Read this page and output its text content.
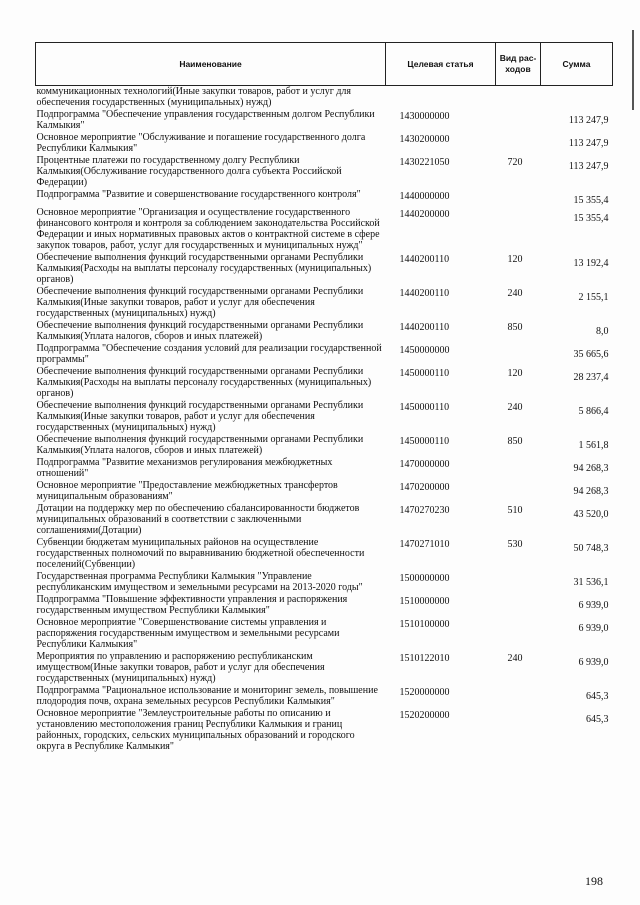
Наименование	Целевая статья	Вид рас-ходов	Сумма
коммуникационных технологий(Иные закупки товаров, работ и услуг для обеспечения государственных (муниципальных) нужд)			
Подпрограмма "Обеспечение управления государственным долгом Республики Калмыкия"	1430000000		113 247,9
Основное мероприятие "Обслуживание и погашение государственного долга Республики Калмыкия"	1430200000		113 247,9
Процентные платежи по государственному долгу Республики Калмыкия(Обслуживание государственного долга субъекта Российской Федерации)	1430221050	720	113 247,9
Подпрограмма "Развитие и совершенствование государственного контроля"	1440000000		15 355,4
Основное мероприятие "Организация и осуществление государственного финансового контроля и контроля за соблюдением законодательства Российской Федерации и иных нормативных правовых актов о контрактной системе в сфере закупок товаров, работ, услуг для государственных и муниципальных нужд"	1440200000		15 355,4
Обеспечение выполнения функций государственными органами Республики Калмыкия(Расходы на выплаты персоналу государственных (муниципальных) органов)	1440200110	120	13 192,4
Обеспечение выполнения функций государственными органами Республики Калмыкия(Иные закупки товаров, работ и услуг для обеспечения государственных (муниципальных) нужд)	1440200110	240	2 155,1
Обеспечение выполнения функций государственными органами Республики Калмыкия(Уплата налогов, сборов и иных платежей)	1440200110	850	8,0
Подпрограмма "Обеспечение создания условий для реализации государственной программы"	1450000000		35 665,6
Обеспечение выполнения функций государственными органами Республики Калмыкия(Расходы на выплаты персоналу государственных (муниципальных) органов)	1450000110	120	28 237,4
Обеспечение выполнения функций государственными органами Республики Калмыкия(Иные закупки товаров, работ и услуг для обеспечения государственных (муниципальных) нужд)	1450000110	240	5 866,4
Обеспечение выполнения функций государственными органами Республики Калмыкия(Уплата налогов, сборов и иных платежей)	1450000110	850	1 561,8
Подпрограмма "Развитие механизмов регулирования межбюджетных отношений"	1470000000		94 268,3
Основное мероприятие "Предоставление межбюджетных трансфертов муниципальным образованиям"	1470200000		94 268,3
Дотации на поддержку мер по обеспечению сбалансированности бюджетов муниципальных образований в соответствии с заключенными соглашениями(Дотации)	1470270230	510	43 520,0
Субвенции бюджетам муниципальных районов на осуществление государственных полномочий по выравниванию бюджетной обеспеченности поселений(Субвенции)	1470271010	530	50 748,3
Государственная программа Республики Калмыкия "Управление республиканским имуществом и земельными ресурсами на 2013-2020 годы"	1500000000		31 536,1
Подпрограмма "Повышение эффективности управления и распоряжения государственным имуществом Республики Калмыкия"	1510000000		6 939,0
Основное мероприятие "Совершенствование системы управления и распоряжения государственным имуществом и земельными ресурсами Республики Калмыкия"	1510100000		6 939,0
Мероприятия по управлению и распоряжению республиканским имуществом(Иные закупки товаров, работ и услуг для обеспечения государственных (муниципальных) нужд)	1510122010	240	6 939,0
Подпрограмма "Рациональное использование и мониторинг земель, повышение плодородия почв, охрана земельных ресурсов Республики Калмыкия"	1520000000		645,3
Основное мероприятие "Землеустроительные работы по описанию и установлению местоположения границ Республики Калмыкия и границ районных, городских, сельских муниципальных образований и городского округа в Республике Калмыкия"	1520200000		645,3
198
